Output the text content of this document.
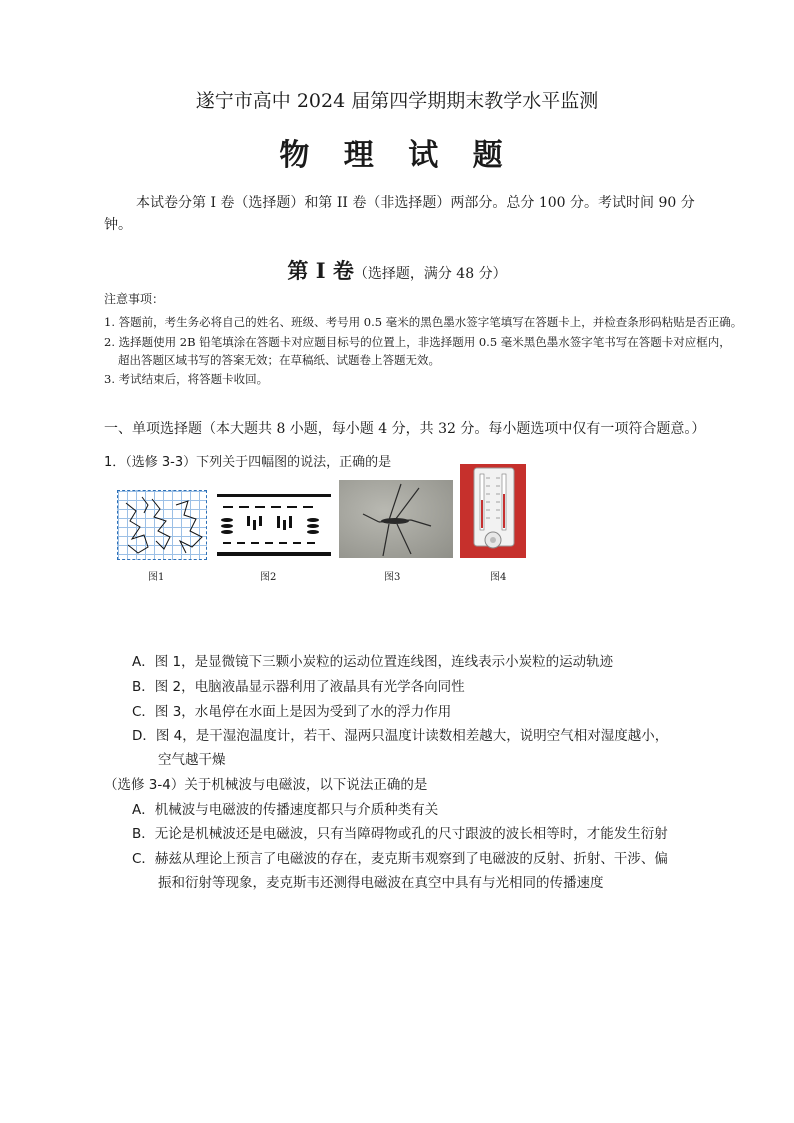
遂宁市高中 2024 届第四学期期末教学水平监测
物 理 试 题
本试卷分第 I 卷（选择题）和第 II 卷（非选择题）两部分。总分 100 分。考试时间 90 分
钟。
第 Ⅰ 卷（选择题，满分 48 分）
注意事项：
1. 答题前，考生务必将自己的姓名、班级、考号用 0.5 毫米的黑色墨水签字笔填写在答题卡上，并检查条形码粘贴是否正确。
2. 选择题使用 2B 铅笔填涂在答题卡对应题目标号的位置上，非选择题用 0.5 毫米黑色墨水签字笔书写在答题卡对应框内，
超出答题区域书写的答案无效；在草稿纸、试题卷上答题无效。
3. 考试结束后，将答题卡收回。
一、单项选择题（本大题共 8 小题，每小题 4 分，共 32 分。每小题选项中仅有一项符合题意。）
1．（选修 3-3）下列关于四幅图的说法，正确的是
图1	图2	图3	图4
A．图 1，是显微镜下三颗小炭粒的运动位置连线图，连线表示小炭粒的运动轨迹
B．图 2，电脑液晶显示器利用了液晶具有光学各向同性
C．图 3，水黾停在水面上是因为受到了水的浮力作用
D．图 4，是干湿泡温度计，若干、湿两只温度计读数相差越大，说明空气相对湿度越小，
空气越干燥
（选修 3-4）关于机械波与电磁波，以下说法正确的是
A．机械波与电磁波的传播速度都只与介质种类有关
B．无论是机械波还是电磁波，只有当障碍物或孔的尺寸跟波的波长相等时，才能发生衍射
C．赫兹从理论上预言了电磁波的存在，麦克斯韦观察到了电磁波的反射、折射、干涉、偏
振和衍射等现象，麦克斯韦还测得电磁波在真空中具有与光相同的传播速度
